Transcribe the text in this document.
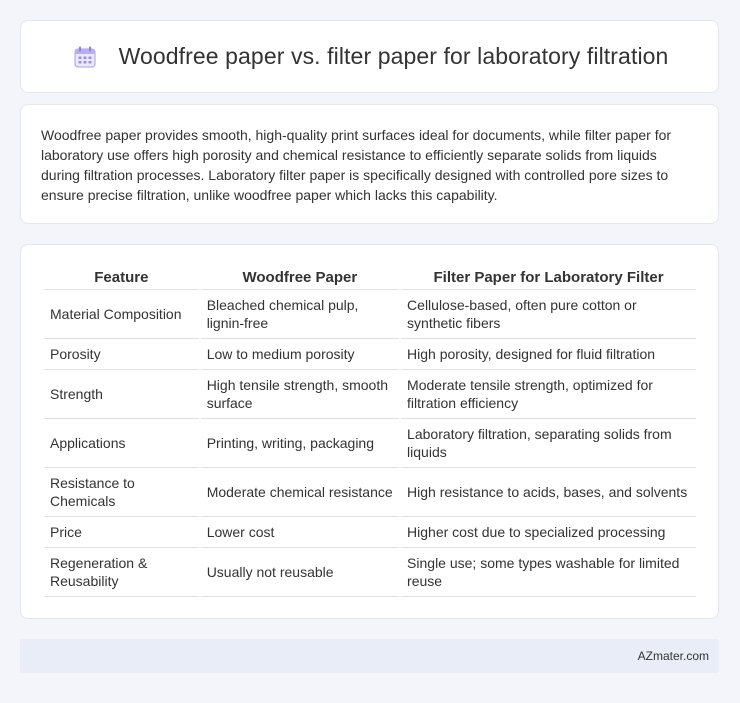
Woodfree paper vs. filter paper for laboratory filtration

Woodfree paper provides smooth, high-quality print surfaces ideal for documents, while filter paper for laboratory use offers high porosity and chemical resistance to efficiently separate solids from liquids during filtration processes. Laboratory filter paper is specifically designed with controlled pore sizes to ensure precise filtration, unlike woodfree paper which lacks this capability.

Feature	Woodfree Paper	Filter Paper for Laboratory Filter
Material Composition	Bleached chemical pulp, lignin-free	Cellulose-based, often pure cotton or synthetic fibers
Porosity	Low to medium porosity	High porosity, designed for fluid filtration
Strength	High tensile strength, smooth surface	Moderate tensile strength, optimized for filtration efficiency
Applications	Printing, writing, packaging	Laboratory filtration, separating solids from liquids
Resistance to Chemicals	Moderate chemical resistance	High resistance to acids, bases, and solvents
Price	Lower cost	Higher cost due to specialized processing
Regeneration & Reusability	Usually not reusable	Single use; some types washable for limited reuse
AZmater.com
